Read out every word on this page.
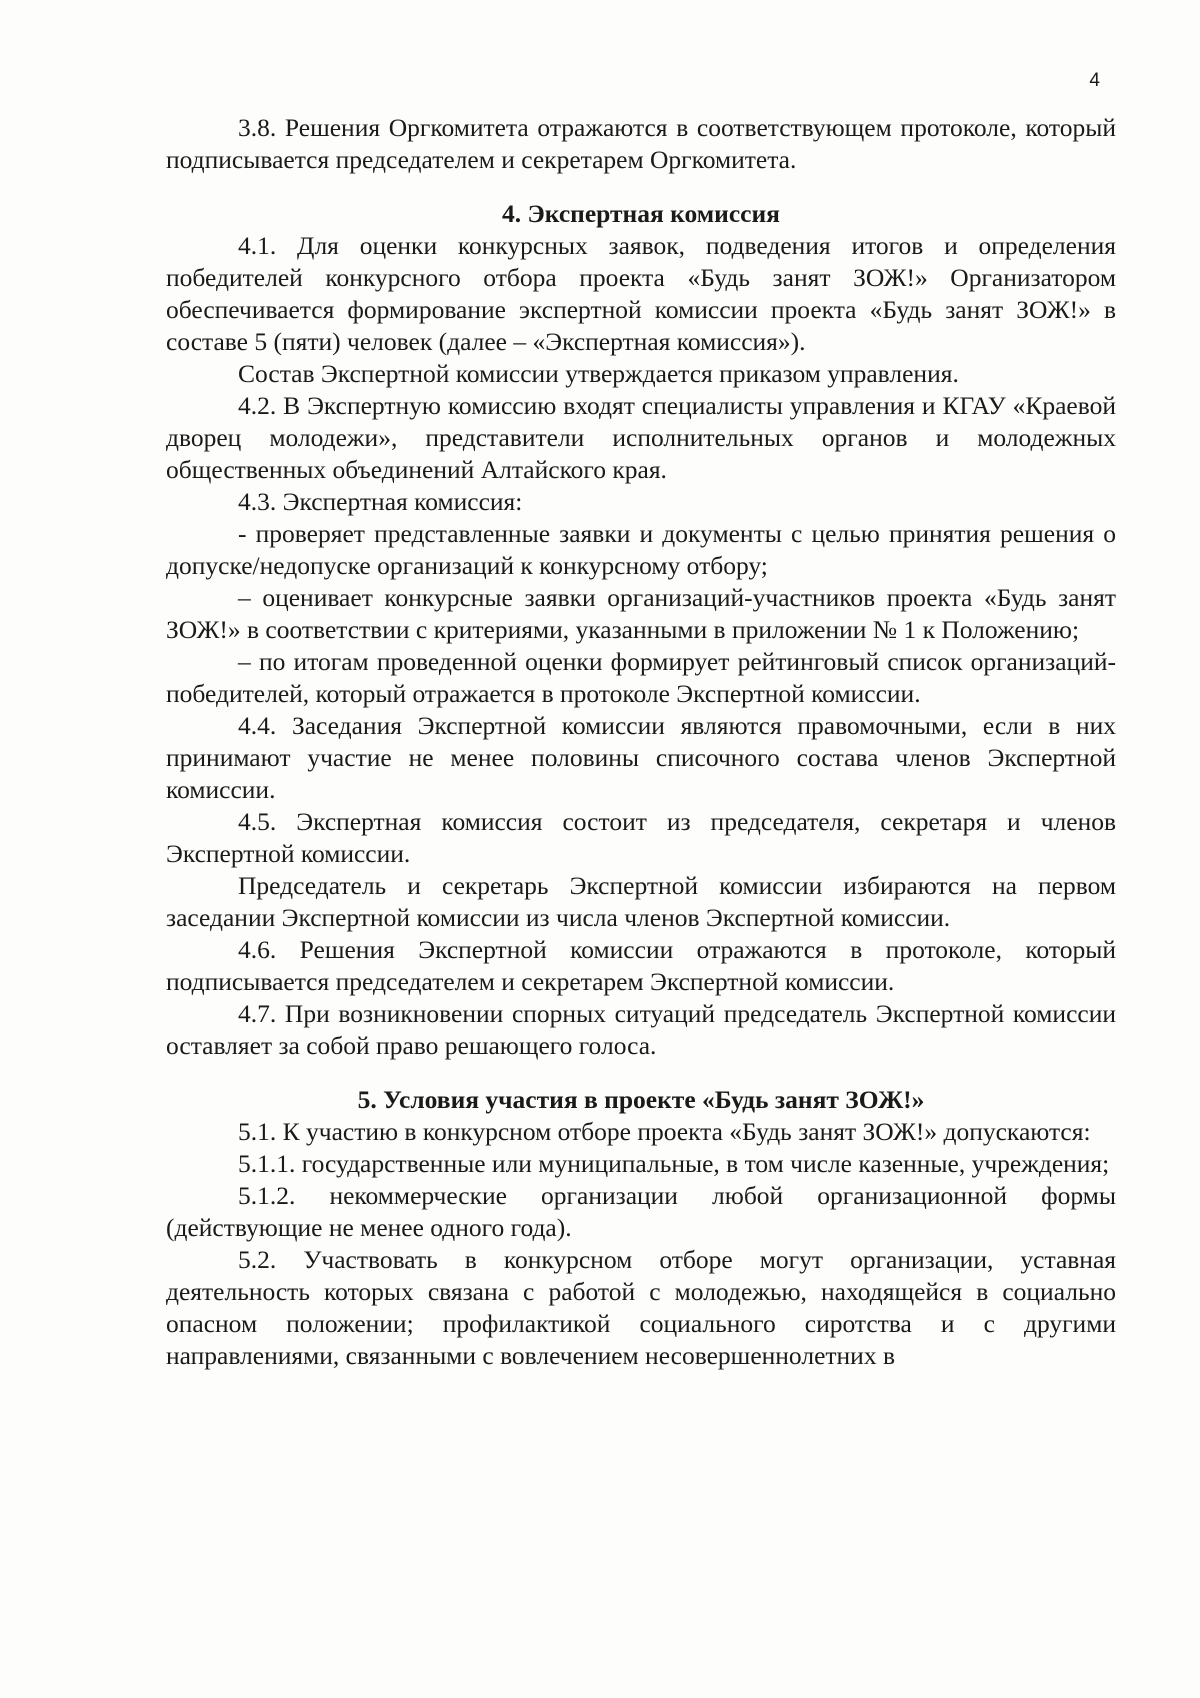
4

3.8. Решения Оргкомитета отражаются в соответствующем протоколе, который подписывается председателем и секретарем Оргкомитета.

4. Экспертная комиссия

4.1. Для оценки конкурсных заявок, подведения итогов и определения победителей конкурсного отбора проекта «Будь занят ЗОЖ!» Организатором обеспечивается формирование экспертной комиссии проекта «Будь занят ЗОЖ!» в составе 5 (пяти) человек (далее – «Экспертная комиссия»).

Состав Экспертной комиссии утверждается приказом управления.

4.2. В Экспертную комиссию входят специалисты управления и КГАУ «Краевой дворец молодежи», представители исполнительных органов и молодежных общественных объединений Алтайского края.

4.3. Экспертная комиссия:

- проверяет представленные заявки и документы с целью принятия решения о допуске/недопуске организаций к конкурсному отбору;

– оценивает конкурсные заявки организаций-участников проекта «Будь занят ЗОЖ!» в соответствии с критериями, указанными в приложении № 1 к Положению;

– по итогам проведенной оценки формирует рейтинговый список организаций-победителей, который отражается в протоколе Экспертной комиссии.

4.4. Заседания Экспертной комиссии являются правомочными, если в них принимают участие не менее половины списочного состава членов Экспертной комиссии.

4.5. Экспертная комиссия состоит из председателя, секретаря и членов Экспертной комиссии.

Председатель и секретарь Экспертной комиссии избираются на первом заседании Экспертной комиссии из числа членов Экспертной комиссии.

4.6. Решения Экспертной комиссии отражаются в протоколе, который подписывается председателем и секретарем Экспертной комиссии.

4.7. При возникновении спорных ситуаций председатель Экспертной комиссии оставляет за собой право решающего голоса.

5. Условия участия в проекте «Будь занят ЗОЖ!»

5.1. К участию в конкурсном отборе проекта «Будь занят ЗОЖ!» допускаются:

5.1.1. государственные или муниципальные, в том числе казенные, учреждения;

5.1.2. некоммерческие организации любой организационной формы (действующие не менее одного года).

5.2. Участвовать в конкурсном отборе могут организации, уставная деятельность которых связана с работой с молодежью, находящейся в социально опасном положении; профилактикой социального сиротства и с другими направлениями, связанными с вовлечением несовершеннолетних в
